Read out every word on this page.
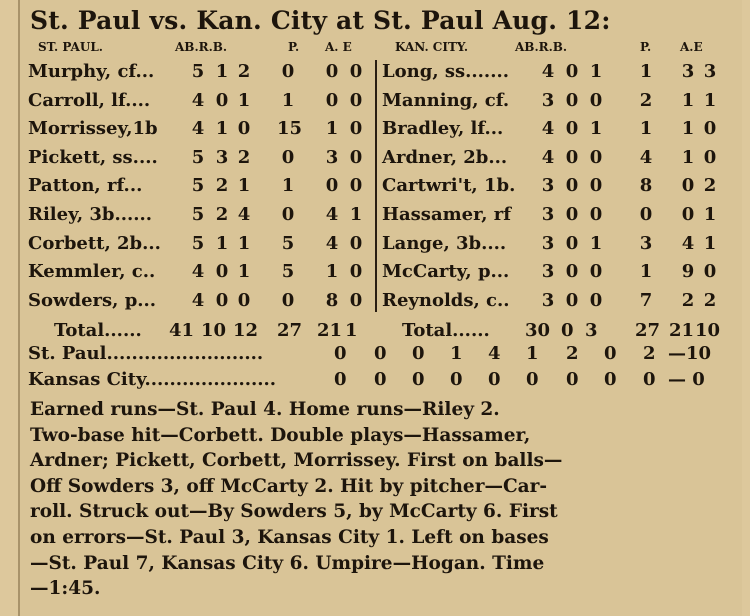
St. Paul vs. Kan. City at St. Paul Aug. 12:
ST. PAUL.	AB.R.B.	P. A. E	KAN. CITY.	AB.R.B.	P. A.E
Murphy, cf... 5 1 2 0 0 0
Carroll, lf.... 4 0 1 1 0 0
Morrissey,1b 4 1 0 15 1 0
Pickett, ss.... 5 3 2 0 3 0
Patton, rf...	5 2 1 1 0 0
Riley, 3b...... 5 2 4 0 4 1
Corbett, 2b... 5 1 1 5 4 0
Kemmler, c.. 4 0 1 5 1 0
Sowders, p... 4 0 0 0 8 0
Total...... 41 10 12 27 21 1
Long, ss....... 4 0 1 1 3 3
Manning, cf. 3 0 0 2 1 1
Bradley, lf... 4 0 1 1 1 0
Ardner, 2b... 4 0 0 4 1 0
Cartwri't, 1b. 3 0 0 8 0 2
Hassamer, rf 3 0 0 0 0 1
Lange, 3b.... 3 0 1 3 4 1
McCarty, p... 3 0 0 1 9 0
Reynolds, c.. 3 0 0 7 2 2
Total...... 30 0 3 27 21 10
St. Paul.........................	0 0 0 1 4 1 2 0 2 —10
Kansas City.....................	0 0 0 0 0 0 0 0 0 — 0
Earned runs—St. Paul 4. Home runs—Riley 2.
Two-base hit—Corbett. Double plays—Hassamer,
Ardner; Pickett, Corbett, Morrissey. First on balls—
Off Sowders 3, off McCarty 2. Hit by pitcher—Car-
roll. Struck out—By Sowders 5, by McCarty 6. First
on errors—St. Paul 3, Kansas City 1. Left on bases
—St. Paul 7, Kansas City 6. Umpire—Hogan. Time
—1:45.
